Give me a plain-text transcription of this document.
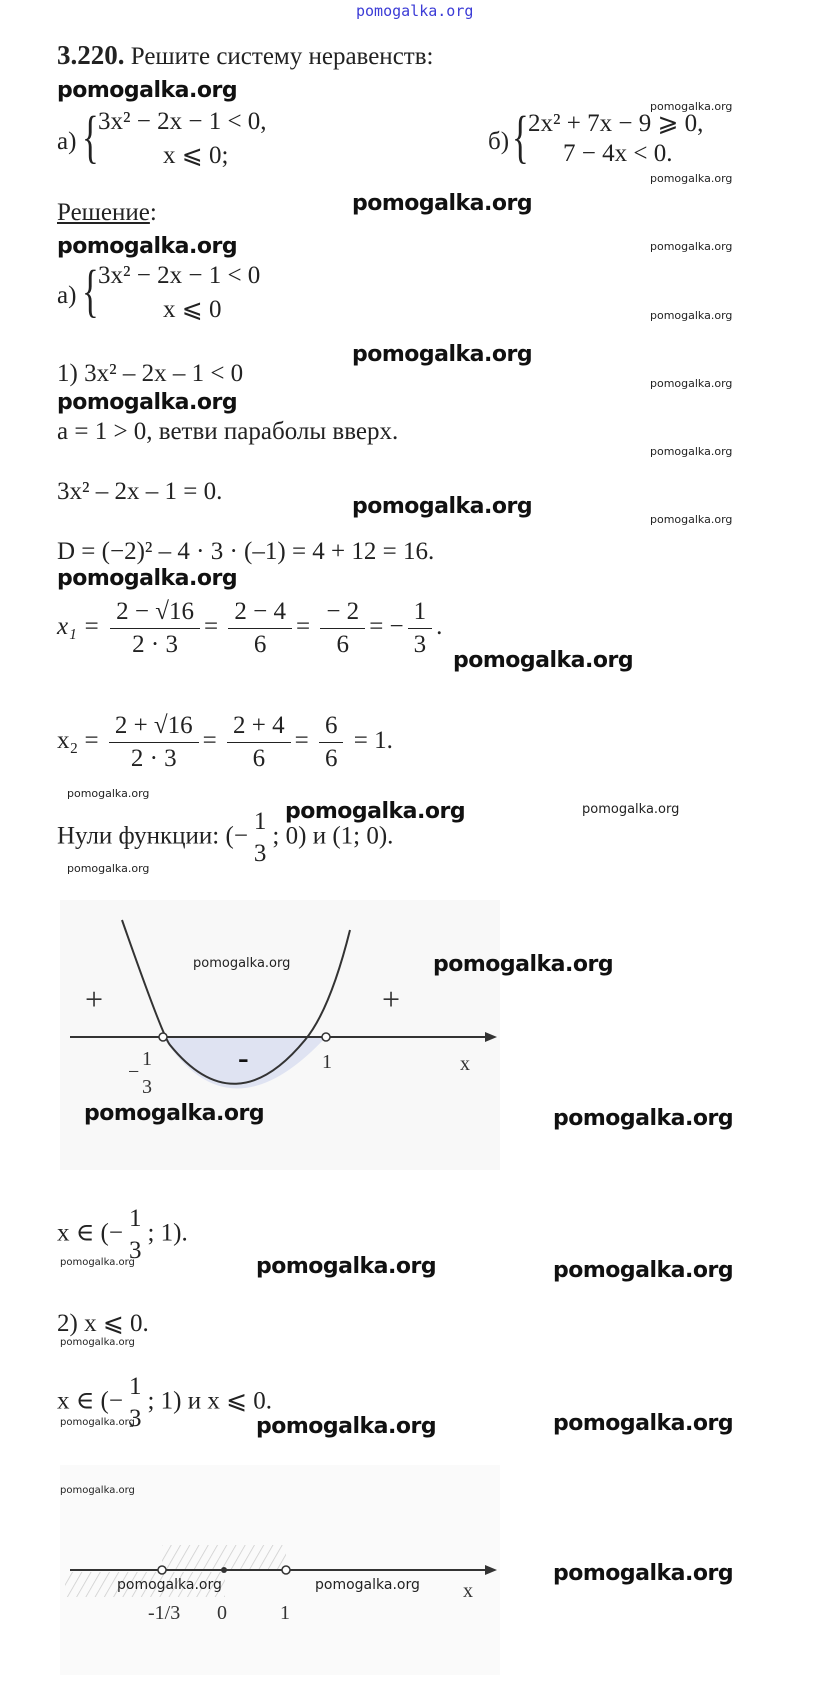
pomogalka.org
3.220. Решите систему неравенств:
pomogalka.org
а) { 3x² − 2x − 1 < 0,
x ⩽ 0;
б) { 2x² + 7x − 9 ⩾ 0,
7 − 4x < 0.
pomogalka.org
pomogalka.org
pomogalka.org
pomogalka.org
pomogalka.org
pomogalka.org
pomogalka.org
Решение:	pomogalka.org
pomogalka.org
а) { 3x² − 2x − 1 < 0
x ⩽ 0
1) 3x² – 2x – 1 < 0
pomogalka.org
pomogalka.org
a = 1 > 0, ветви параболы вверх.
3x² – 2x – 1 = 0.
pomogalka.org
D = (−2)² – 4 · 3 · (–1) = 4 + 12 = 16.
pomogalka.org
$x_1 = \frac{2 - √16}{2 \cdot 3} = \frac{2 - 4}{6} = \frac{- 2}{6}$ = − $\frac{1}{3}$ .
pomogalka.org
$x_2 = \frac{2 + √16}{2 \cdot 3} = \frac{2 + 4}{6} = \frac{6}{6} = 1$.
pomogalka.org
pomogalka.org	pomogalka.org
Нули функции: (−
1
3
; 0) и (1; 0).
pomogalka.org
+	+
-
−
1
3
1	x
pomogalka.org	pomogalka.org
pomogalka.org	pomogalka.org
x ∈ (−
1
3
; 1).
pomogalka.org	pomogalka.org	pomogalka.org
2) x ⩽ 0.
pomogalka.org
x ∈ (−
1
3
; 1) и x ⩽ 0.
pomogalka.org	pomogalka.org	pomogalka.org
-1/3 0	1
x
pomogalka.org
pomogalka.org	pomogalka.org	pomogalka.org
